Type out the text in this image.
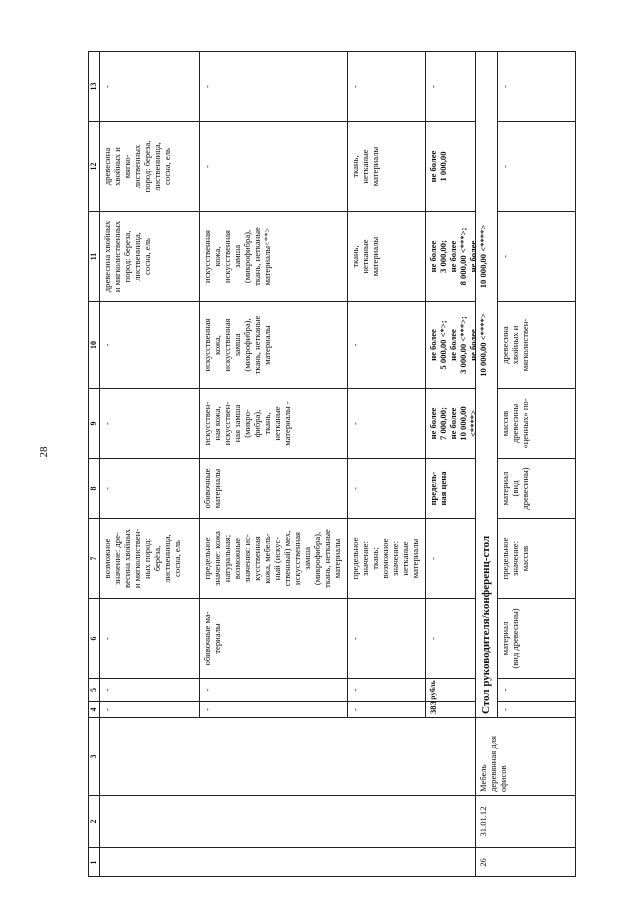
28
1
2
3
4
5
6
7
8
9
10
11
12
13
-
-
-
возможное
значение: дре-
весина хвойных
и мягколиствен-
ных пород:
берёза,
лиственница,
сосна, ель
-
-
-
древесина хвойных
и мягколиственных
пород: березa,
лиственница,
сосна, ель
древесина
хвойных и
мягко-
лиственных
пород: береза,
лиственница,
сосна, ель
-
-
-
обивочные ма-
териалы
предельное
значение: кожа
натуральная;
возможные
значения: ис-
кусственная
кожа, мебель-
ный (искус-
ственный) мех,
искусственная
замша
(микрофибра),
ткань, нетканые
материалы
обивочные
материалы
искусствен-
ная кожа,
искусствен-
ная замша
(микро-
фибра),
ткань,
нетканые
материалы -
искусственная
кожа,
искусственная
замша
(микрофибра),
ткань, нетканые
материалы
искусственная
кожа,
искусственная
замша
(микрофибра),
ткань, нетканые
материалы<**>
-
-
-
-
-
предельное
значение:
ткань;
возможное
значение:
нетканые
материалы
-
-
-
ткань,
нетканые
материалы
ткань,
нетканые
материалы
-
383
рубль
-
-
предель-
ная цена
не более
7 000,00;
не более
10 000,00
<****>
не более
5 000,00 <*>;
не более
3 000,00 <***>;
не более
10 000,00 <****>
не более
3 000,00;
не более
8 000,00 <***>;
не более
10 000,00 <****>
не более
1 000,00
-
26
31.01.12
Мебель
деревянная для
офисов
Стол руководителя/конференц-стол -
-
материал
(вид древесины)
предельное
значение:
массив
материал
(вид древесины)
массив
древесины
«ценных» по-
древесина
хвойных и
мягколиствен-
-
-
-
